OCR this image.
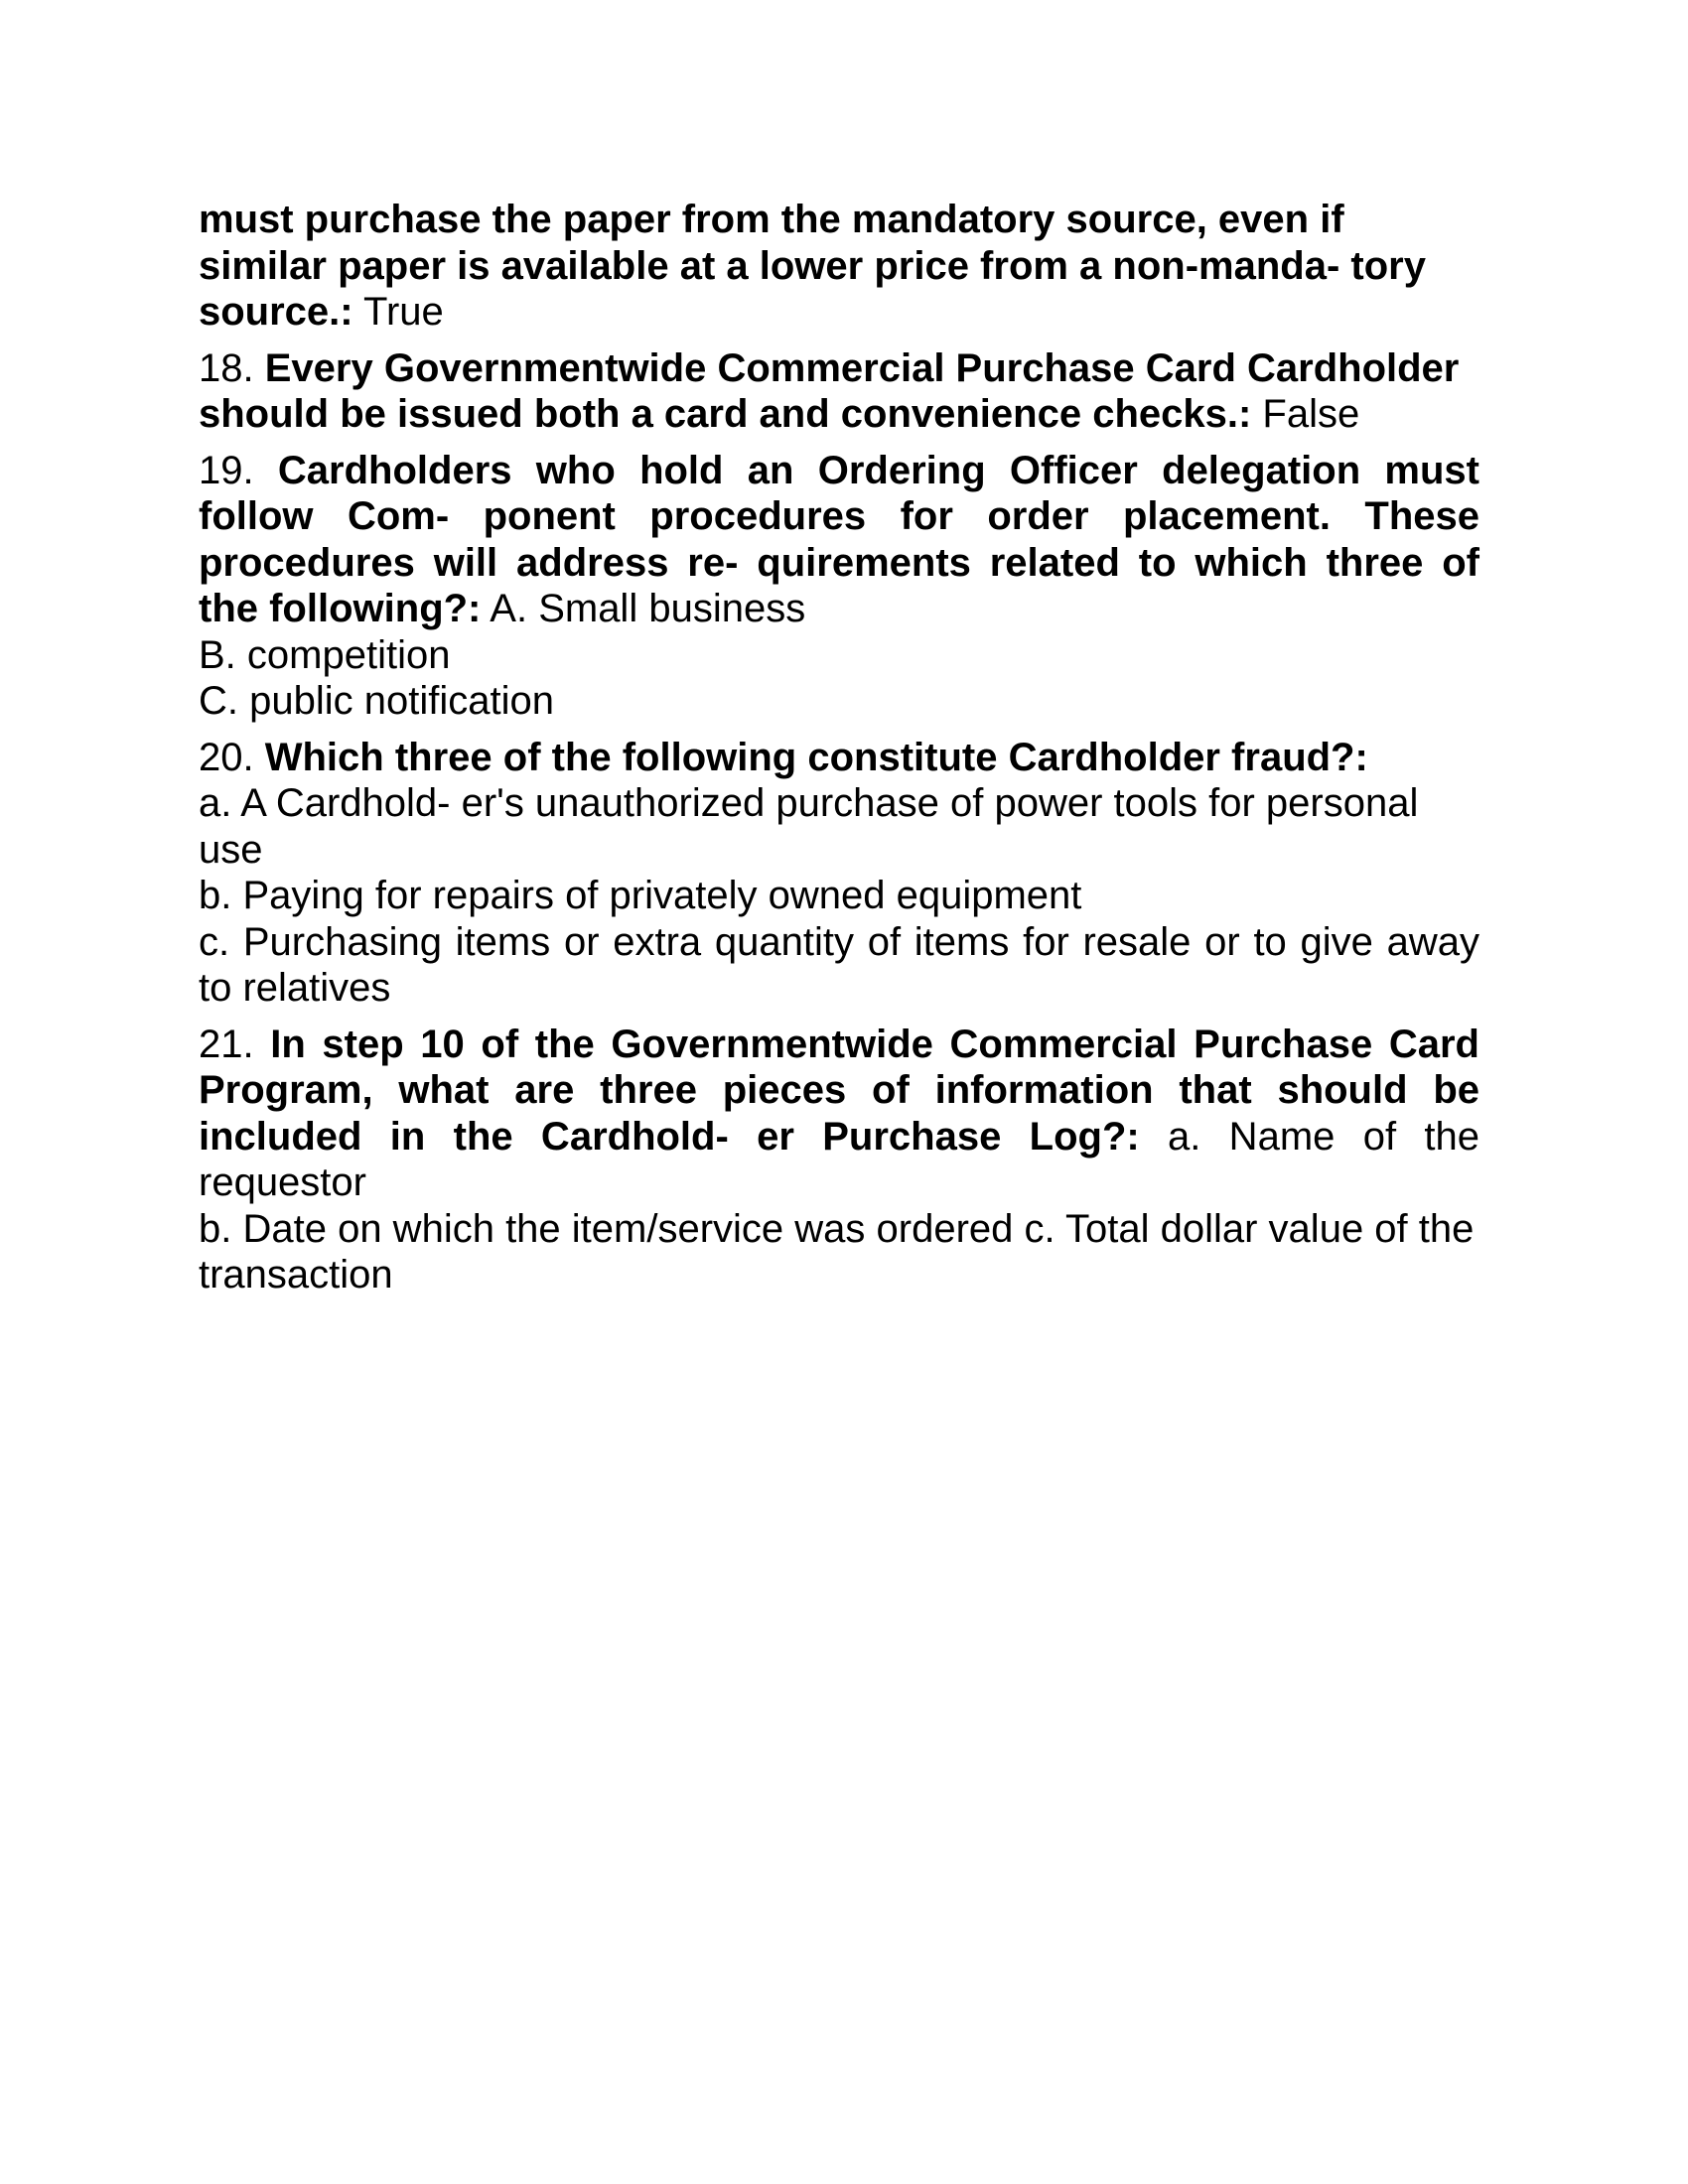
must purchase the paper from the mandatory source, even if similar paper is available at a lower price from a non-manda- tory source.: True
18. Every Governmentwide Commercial Purchase Card Cardholder should be issued both a card and convenience checks.: False
19. Cardholders who hold an Ordering Officer delegation must follow Com- ponent procedures for order placement. These procedures will address re- quirements related to which three of the following?: A. Small business
B. competition
C. public notification
20. Which three of the following constitute Cardholder fraud?:
a. A Cardhold- er's unauthorized purchase of power tools for personal use
b. Paying for repairs of privately owned equipment
c. Purchasing items or extra quantity of items for resale or to give away to relatives
21. In step 10 of the Governmentwide Commercial Purchase Card Program, what are three pieces of information that should be included in the Cardhold- er Purchase Log?: a. Name of the requestor
b. Date on which the item/service was ordered c. Total dollar value of the transaction
